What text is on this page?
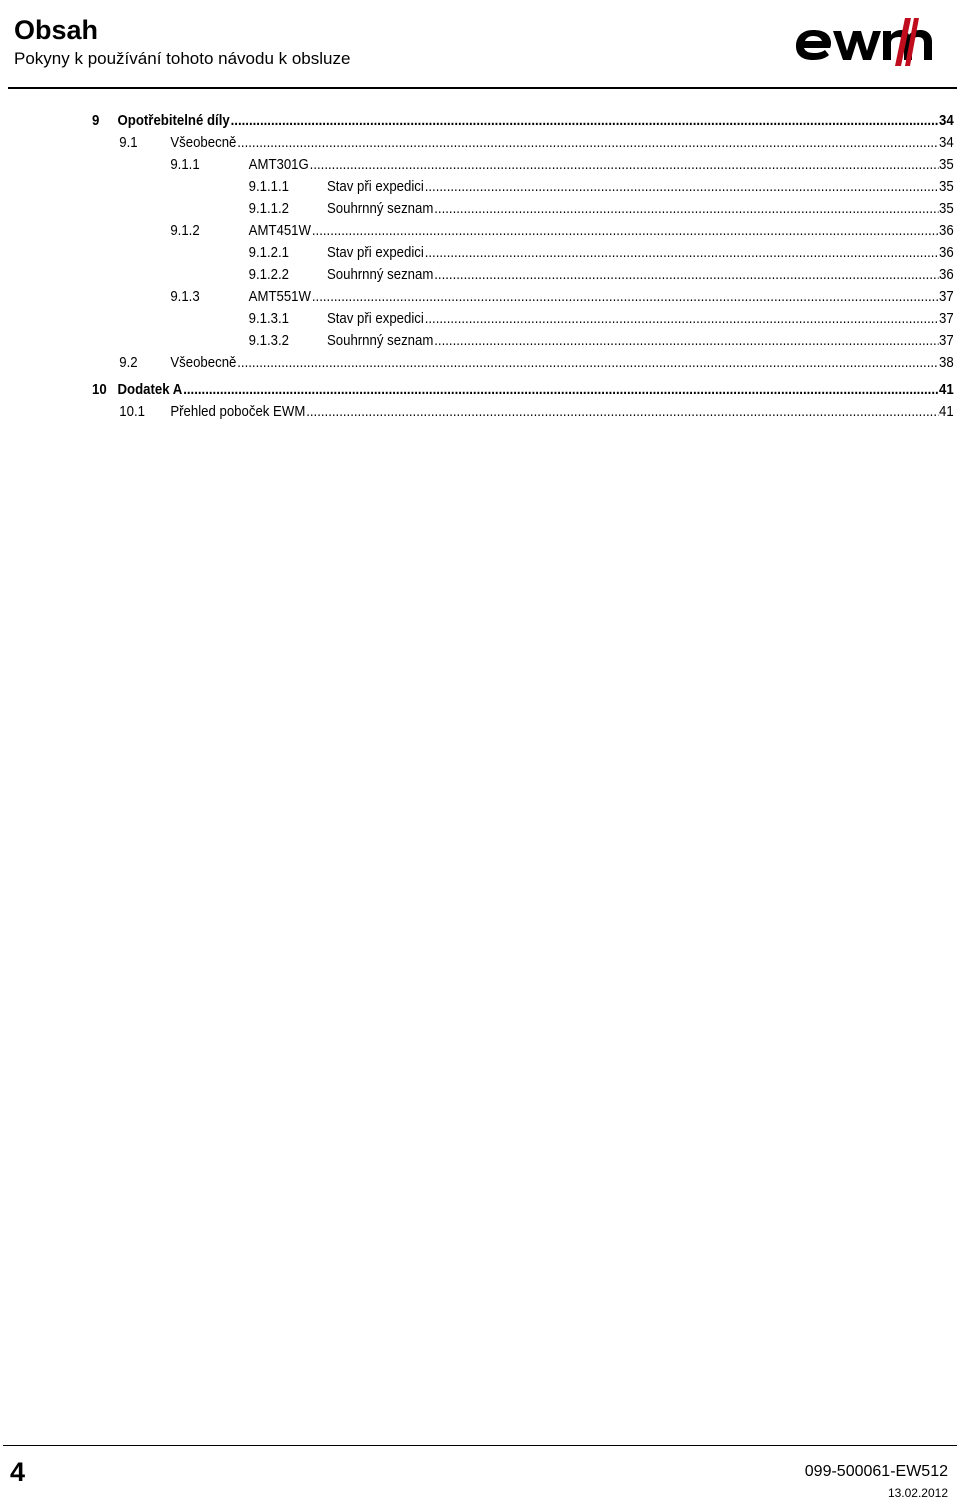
Obsah
Pokyny k používání tohoto návodu k obsluze
9 Opotřebitelné díly .....	34
9.1 Všeobecně .....	34
9.1.1	AMT301G .....	35
9.1.1.1	Stav při expedici .....	35
9.1.1.2	Souhrnný seznam .....	35
9.1.2	AMT451W .....	36
9.1.2.1	Stav při expedici .....	36
9.1.2.2	Souhrnný seznam .....	36
9.1.3	AMT551W .....	37
9.1.3.1	Stav při expedici .....	37
9.1.3.2	Souhrnný seznam .....	37
9.2 Všeobecně .....	38
10 Dodatek A .....	41
10.1 Přehled poboček EWM .....	41
4	099-500061-EW512
13.02.2012
